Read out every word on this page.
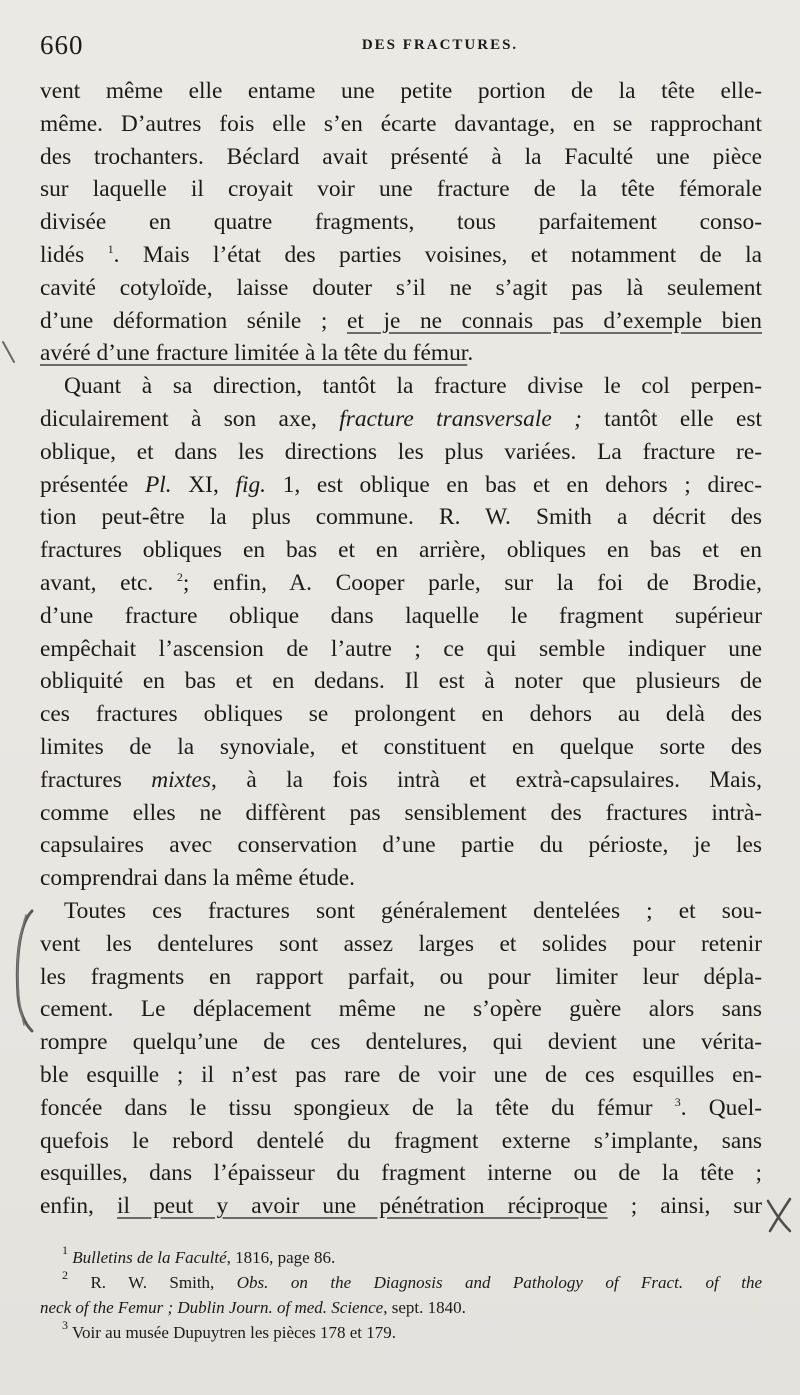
660	DES FRACTURES.
vent même elle entame une petite portion de la tête elle-
même. D’autres fois elle s’en écarte davantage, en se rapprochant
des trochanters. Béclard avait présenté à la Faculté une pièce
sur laquelle il croyait voir une fracture de la tête fémorale
divisée en quatre fragments, tous parfaitement conso-
lidés $^1$. Mais l’état des parties voisines, et notamment de la
cavité cotyloïde, laisse douter s’il ne s’agit pas là seulement
d’une déformation sénile ; et je ne connais pas d’exemple bien
avéré d’une fracture limitée à la tête du fémur.
Quant à sa direction, tantôt la fracture divise le col perpen-
diculairement à son axe, fracture transversale ; tantôt elle est
oblique, et dans les directions les plus variées. La fracture re-
présentée Pl. XI, fig. 1, est oblique en bas et en dehors ; direc-
tion peut-être la plus commune. R. W. Smith a décrit des
fractures obliques en bas et en arrière, obliques en bas et en
avant, etc. $^2$; enfin, A. Cooper parle, sur la foi de Brodie,
d’une fracture oblique dans laquelle le fragment supérieur
empêchait l’ascension de l’autre ; ce qui semble indiquer une
obliquité en bas et en dedans. Il est à noter que plusieurs de
ces fractures obliques se prolongent en dehors au delà des
limites de la synoviale, et constituent en quelque sorte des
fractures mixtes, à la fois intrà et extrà-capsulaires. Mais,
comme elles ne diffèrent pas sensiblement des fractures intrà-
capsulaires avec conservation d’une partie du périoste, je les
comprendrai dans la même étude.
Toutes ces fractures sont généralement dentelées ; et sou-
vent les dentelures sont assez larges et solides pour retenir
les fragments en rapport parfait, ou pour limiter leur dépla-
cement. Le déplacement même ne s’opère guère alors sans
rompre quelqu’une de ces dentelures, qui devient une vérita-
ble esquille ; il n’est pas rare de voir une de ces esquilles en-
foncée dans le tissu spongieux de la tête du fémur $^3$. Quel-
quefois le rebord dentelé du fragment externe s’implante, sans
esquilles, dans l’épaisseur du fragment interne ou de la tête ;
enfin, il peut y avoir une pénétration réciproque ; ainsi, sur
$^1$ Bulletins de la Faculté, 1816, page 86.
$^2$ R. W. Smith, Obs. on the Diagnosis and Pathology of Fract. of the
neck of the Femur ; Dublin Journ. of med. Science, sept. 1840.
$^3$ Voir au musée Dupuytren les pièces 178 et 179.
